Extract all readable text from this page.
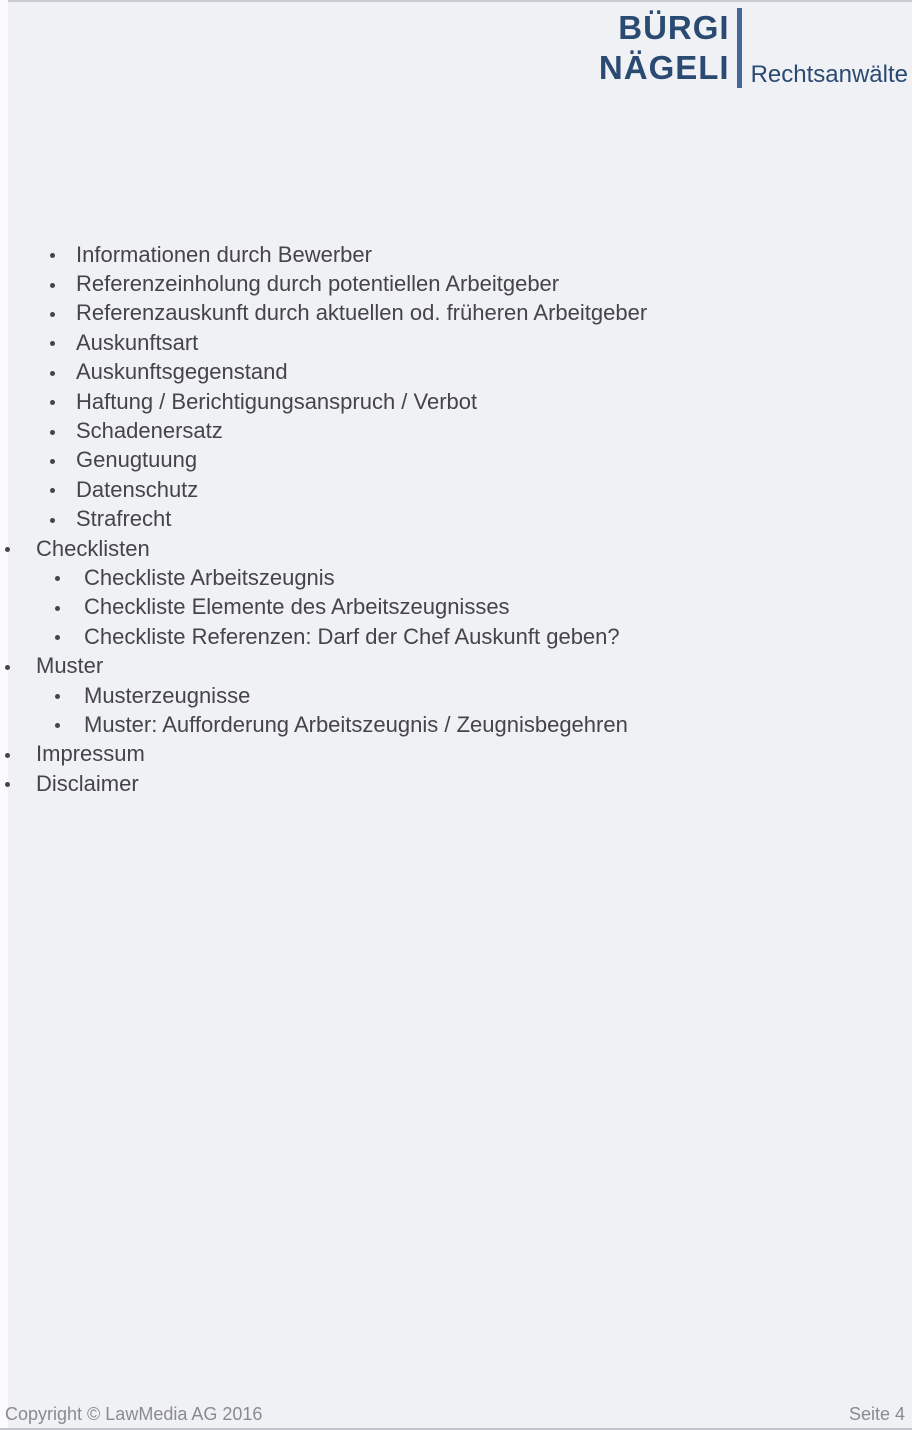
BÜRGI
NÄGELI Rechtsanwälte
Informationen durch Bewerber
Referenzeinholung durch potentiellen Arbeitgeber
Referenzauskunft durch aktuellen od. früheren Arbeitgeber
Auskunftsart
Auskunftsgegenstand
Haftung / Berichtigungsanspruch / Verbot
Schadenersatz
Genugtuung
Datenschutz
Strafrecht
Checklisten
Checkliste Arbeitszeugnis
Checkliste Elemente des Arbeitszeugnisses
Checkliste Referenzen: Darf der Chef Auskunft geben?
Muster
Musterzeugnisse
Muster: Aufforderung Arbeitszeugnis / Zeugnisbegehren
Impressum
Disclaimer
Copyright © LawMedia AG 2016	Seite 4
